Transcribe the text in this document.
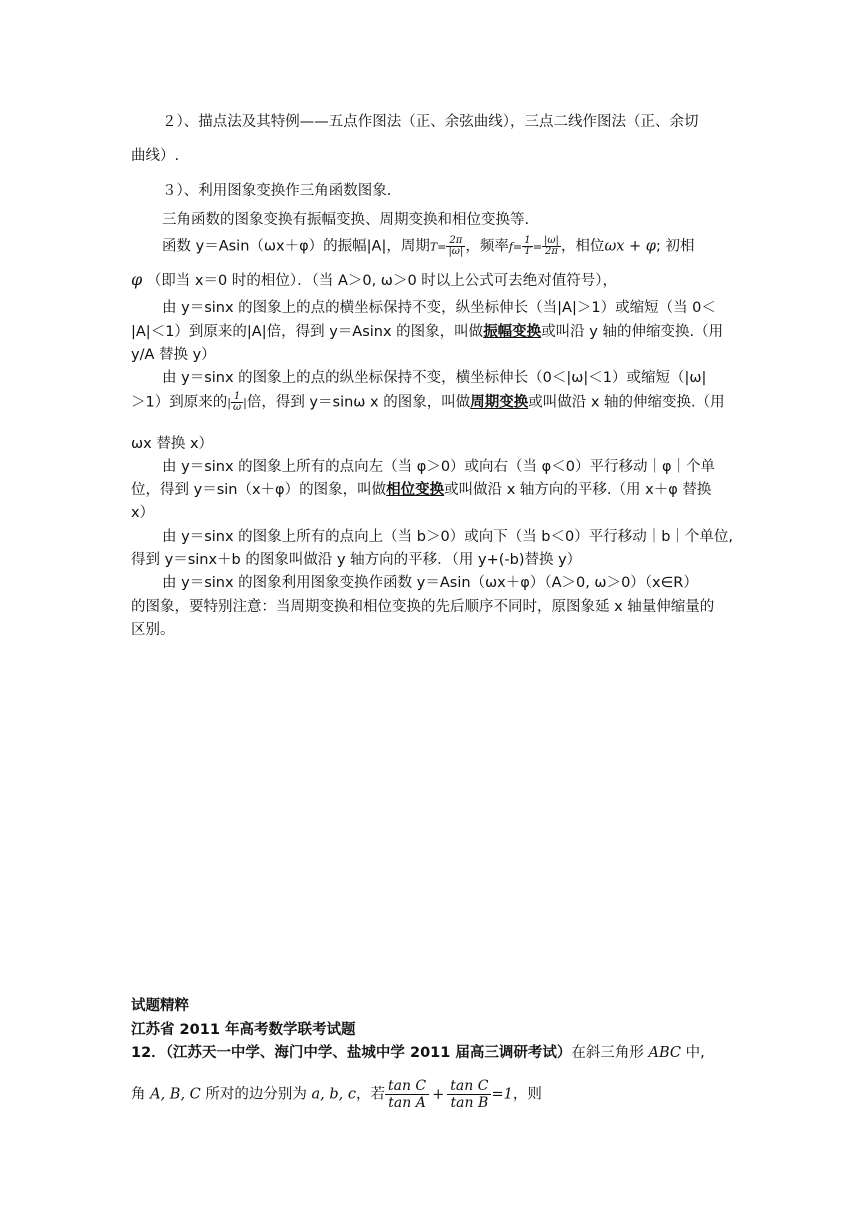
２）、描点法及其特例——五点作图法（正、余弦曲线），三点二线作图法（正、余切
曲线）.
３）、利用图象变换作三角函数图象.
三角函数的图象变换有振幅变换、周期变换和相位变换等.
函数 y＝Asin（ωx＋φ）的振幅|A|，周期$T= \frac{2\pi}{|\omega|}$ ，频率$f= \frac{1}{T} = \frac{|\omega|}{2\pi}$ ，相位ωx + φ; 初相
φ （即当 x＝0 时的相位）．（当 A＞0, ω＞0 时以上公式可去绝对值符号），
由 y＝sinx 的图象上的点的横坐标保持不变，纵坐标伸长（当|A|＞1）或缩短（当 0＜
|A|＜1）到原来的|A|倍，得到 y＝Asinx 的图象，叫做振幅变换或叫沿 y 轴的伸缩变换.（用
y/A 替换 y）
由 y＝sinx 的图象上的点的纵坐标保持不变，横坐标伸长（0＜|ω|＜1）或缩短（|ω|
＞1）到原来的| $\frac{1}{\omega}$ |倍，得到 y＝sinω x 的图象，叫做周期变换或叫做沿 x 轴的伸缩变换.（用
ωx 替换 x）
由 y＝sinx 的图象上所有的点向左（当 φ＞0）或向右（当 φ＜0）平行移动｜φ｜个单
位，得到 y＝sin（x＋φ）的图象，叫做相位变换或叫做沿 x 轴方向的平移.（用 x＋φ 替换
x）
由 y＝sinx 的图象上所有的点向上（当 b＞0）或向下（当 b＜0）平行移动｜b｜个单位,
得到 y＝sinx＋b 的图象叫做沿 y 轴方向的平移．（用 y+(-b)替换 y）
由 y＝sinx 的图象利用图象变换作函数 y＝Asin（ωx＋φ）（A＞0, ω＞0）（x∈R）
的图象，要特别注意：当周期变换和相位变换的先后顺序不同时，原图象延 x 轴量伸缩量的
区别。
试题精粹
江苏省 2011 年高考数学联考试题
12．（江苏天一中学、海门中学、盐城中学 2011 届高三调研考试）在斜三角形 ABC 中,
角 A, B, C 所对的边分别为 a, b, c，若 $\frac{\text{tan C}}{\text{tan A}} + \frac{\text{tan C}}{\text{tan B}} =1$，则
